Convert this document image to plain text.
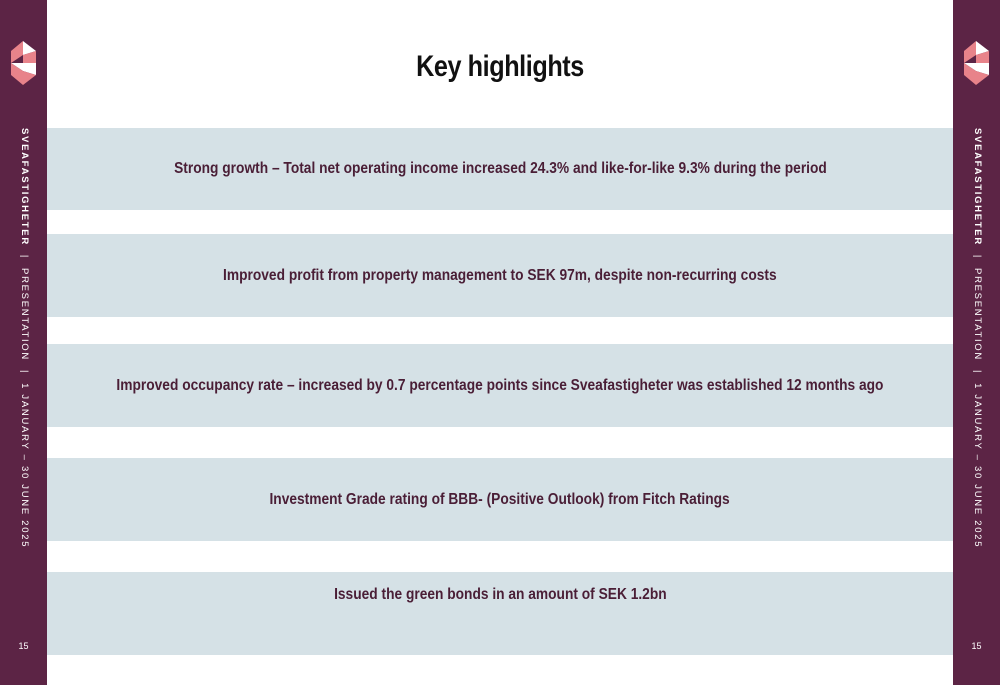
SVEAFASTIGHETER|PRESENTATION|1 JANUARY – 30 JUNE 2025
15
SVEAFASTIGHETER|PRESENTATION|1 JANUARY – 30 JUNE 2025
15
Key highlights
Strong growth – Total net operating income increased 24.3% and like-for-like 9.3% during the period
Improved profit from property management to SEK 97m, despite non-recurring costs
Improved occupancy rate – increased by 0.7 percentage points since Sveafastigheter was established 12 months ago
Investment Grade rating of BBB- (Positive Outlook) from Fitch Ratings
Issued the green bonds in an amount of SEK 1.2bn
